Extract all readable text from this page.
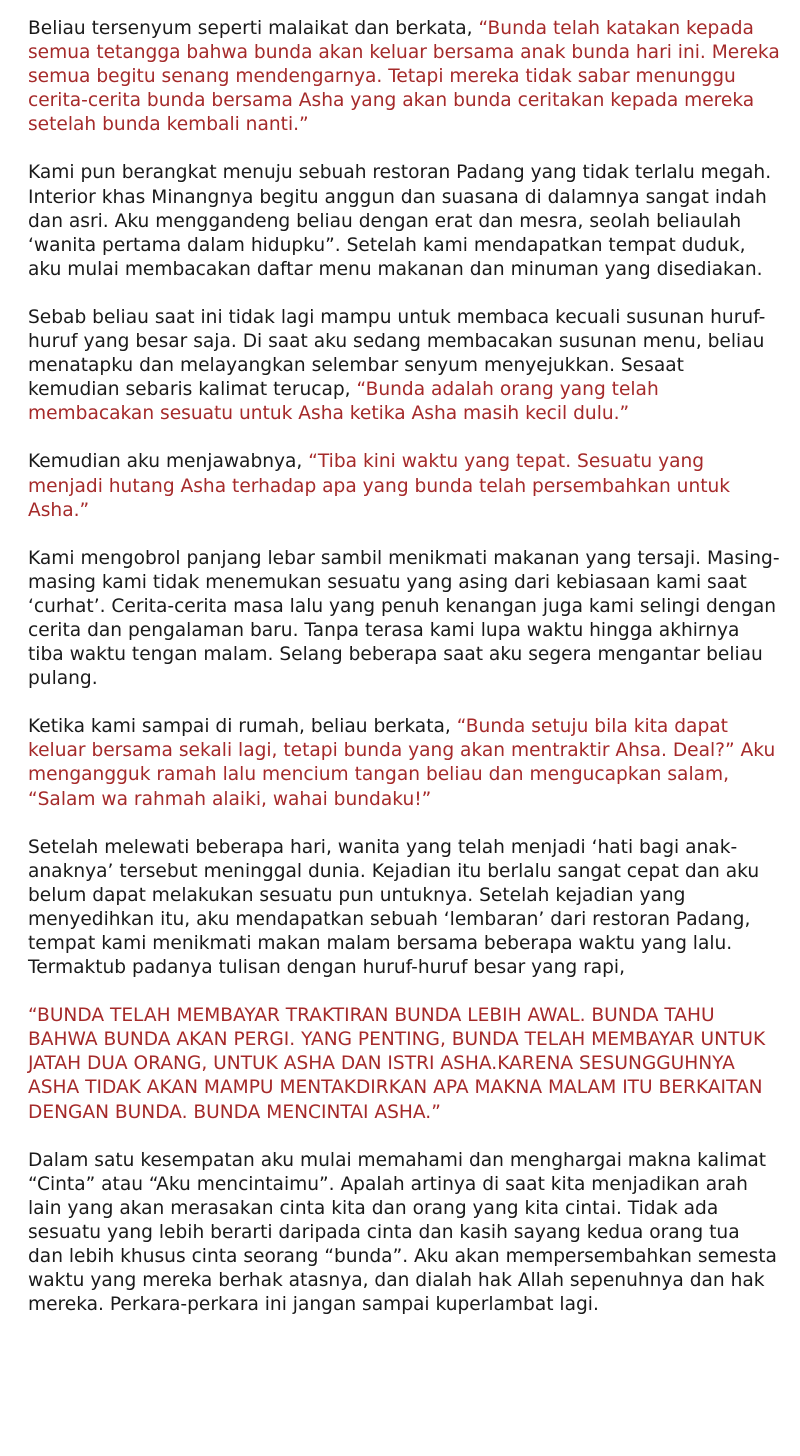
Beliau tersenyum seperti malaikat dan berkata, “Bunda telah katakan kepada semua tetangga bahwa bunda akan keluar bersama anak bunda hari ini. Mereka semua begitu senang mendengarnya. Tetapi mereka tidak sabar menunggu cerita-cerita bunda bersama Asha yang akan bunda ceritakan kepada mereka setelah bunda kembali nanti.”

Kami pun berangkat menuju sebuah restoran Padang yang tidak terlalu megah. Interior khas Minangnya begitu anggun dan suasana di dalamnya sangat indah dan asri. Aku menggandeng beliau dengan erat dan mesra, seolah beliaulah ‘wanita pertama dalam hidupku”. Setelah kami mendapatkan tempat duduk, aku mulai membacakan daftar menu makanan dan minuman yang disediakan.

Sebab beliau saat ini tidak lagi mampu untuk membaca kecuali susunan huruf-huruf yang besar saja. Di saat aku sedang membacakan susunan menu, beliau menatapku dan melayangkan selembar senyum menyejukkan. Sesaat kemudian sebaris kalimat terucap, “Bunda adalah orang yang telah membacakan sesuatu untuk Asha ketika Asha masih kecil dulu.”

Kemudian aku menjawabnya, “Tiba kini waktu yang tepat. Sesuatu yang menjadi hutang Asha terhadap apa yang bunda telah persembahkan untuk Asha.”

Kami mengobrol panjang lebar sambil menikmati makanan yang tersaji. Masing-masing kami tidak menemukan sesuatu yang asing dari kebiasaan kami saat ‘curhat’. Cerita-cerita masa lalu yang penuh kenangan juga kami selingi dengan cerita dan pengalaman baru. Tanpa terasa kami lupa waktu hingga akhirnya tiba waktu tengan malam. Selang beberapa saat aku segera mengantar beliau pulang.

Ketika kami sampai di rumah, beliau berkata, “Bunda setuju bila kita dapat keluar bersama sekali lagi, tetapi bunda yang akan mentraktir Ahsa. Deal?” Aku mengangguk ramah lalu mencium tangan beliau dan mengucapkan salam, “Salam wa rahmah alaiki, wahai bundaku!”

Setelah melewati beberapa hari, wanita yang telah menjadi ‘hati bagi anak-anaknya’ tersebut meninggal dunia. Kejadian itu berlalu sangat cepat dan aku belum dapat melakukan sesuatu pun untuknya. Setelah kejadian yang menyedihkan itu, aku mendapatkan sebuah ‘lembaran’ dari restoran Padang, tempat kami menikmati makan malam bersama beberapa waktu yang lalu. Termaktub padanya tulisan dengan huruf-huruf besar yang rapi,

“BUNDA TELAH MEMBAYAR TRAKTIRAN BUNDA LEBIH AWAL. BUNDA TAHU BAHWA BUNDA AKAN PERGI. YANG PENTING, BUNDA TELAH MEMBAYAR UNTUK JATAH DUA ORANG, UNTUK ASHA DAN ISTRI ASHA.KARENA SESUNGGUHNYA ASHA TIDAK AKAN MAMPU MENTAKDIRKAN APA MAKNA MALAM ITU BERKAITAN DENGAN BUNDA. BUNDA MENCINTAI ASHA.”

Dalam satu kesempatan aku mulai memahami dan menghargai makna kalimat “Cinta” atau “Aku mencintaimu”. Apalah artinya di saat kita menjadikan arah lain yang akan merasakan cinta kita dan orang yang kita cintai. Tidak ada sesuatu yang lebih berarti daripada cinta dan kasih sayang kedua orang tua dan lebih khusus cinta seorang “bunda”. Aku akan mempersembahkan semesta waktu yang mereka berhak atasnya, dan dialah hak Allah sepenuhnya dan hak mereka. Perkara-perkara ini jangan sampai kuperlambat lagi.
